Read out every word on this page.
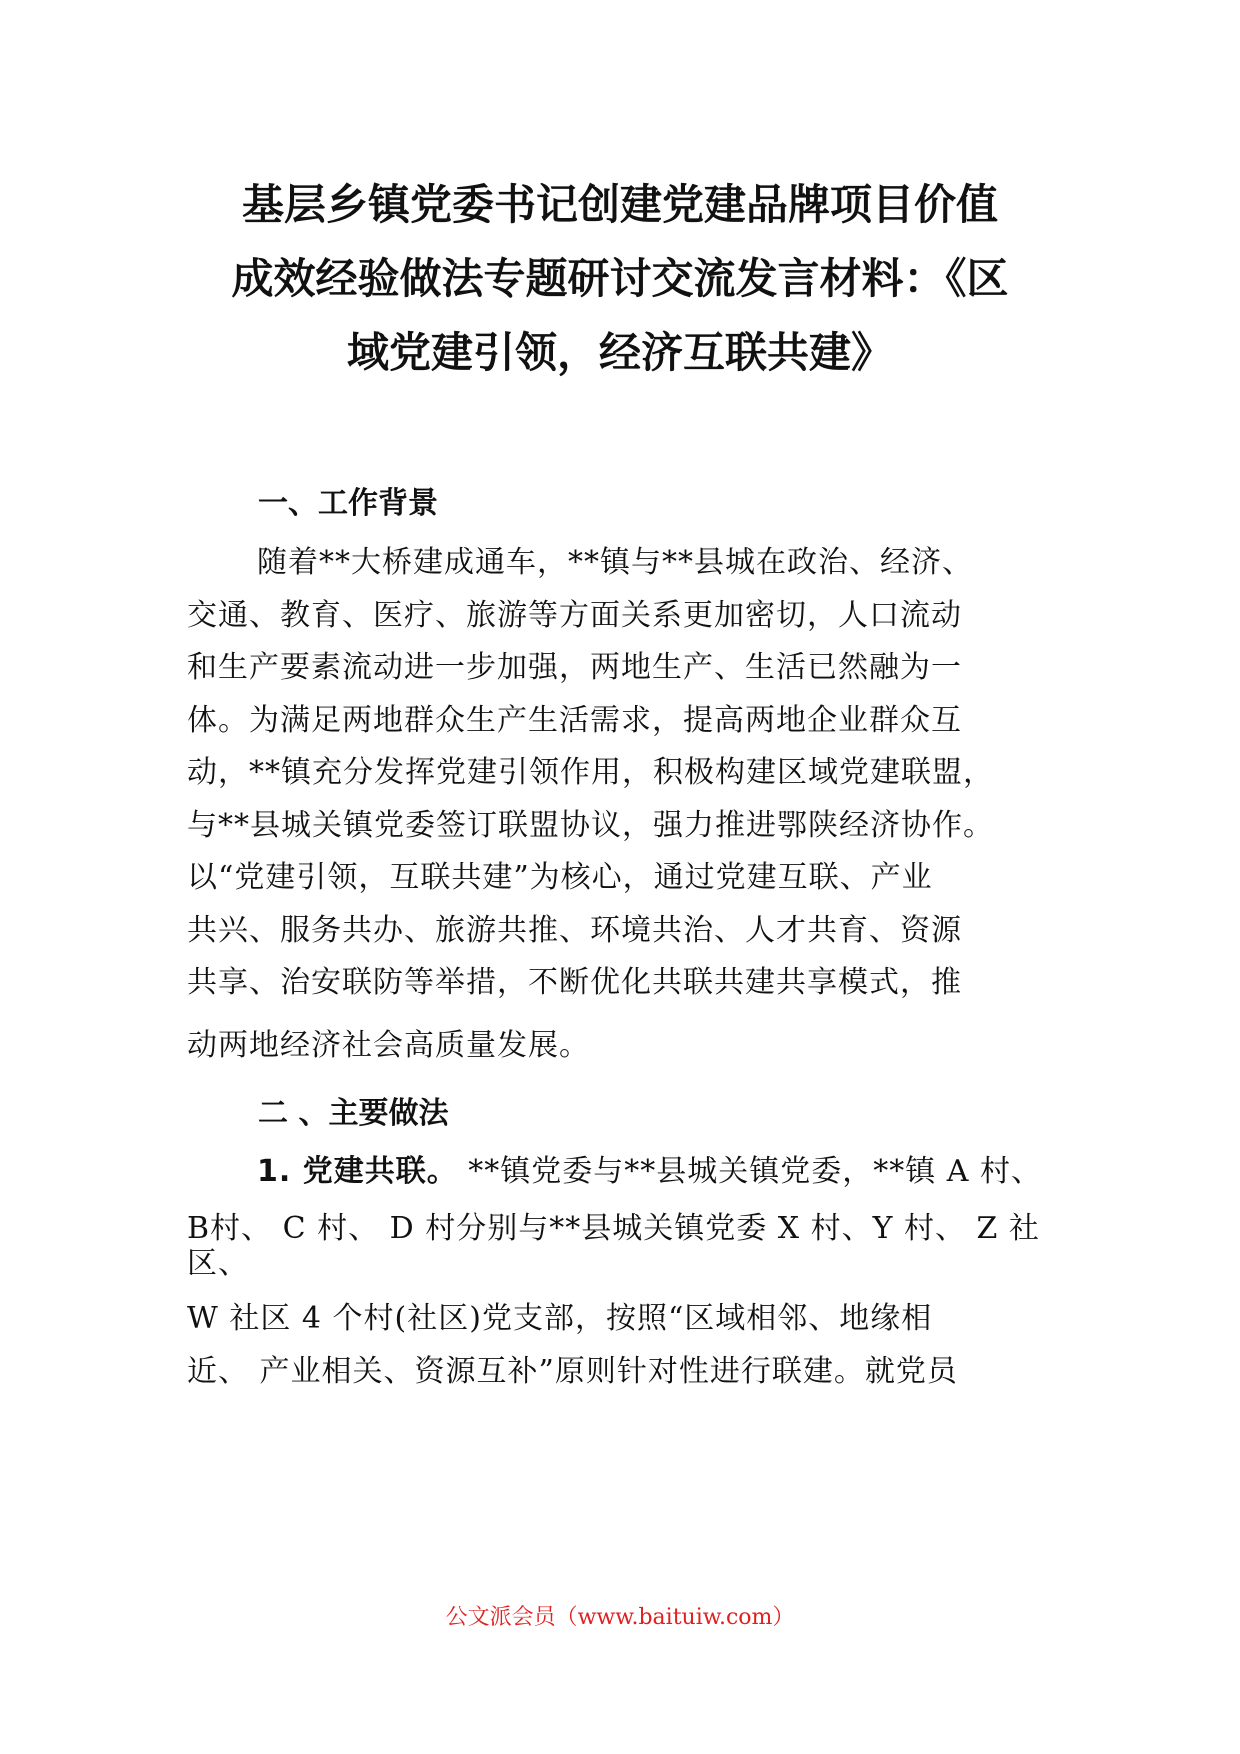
基层乡镇党委书记创建党建品牌项目价值
成效经验做法专题研讨交流发言材料：《区
域党建引领，经济互联共建》
一、工作背景
随着**大桥建成通车，**镇与**县城在政治、经济、
交通、教育、医疗、旅游等方面关系更加密切，人口流动
和生产要素流动进一步加强，两地生产、生活已然融为一
体。为满足两地群众生产生活需求，提高两地企业群众互
动，**镇充分发挥党建引领作用，积极构建区域党建联盟，
与**县城关镇党委签订联盟协议，强力推进鄂陕经济协作。
以“党建引领，互联共建”为核心，通过党建互联、产业
共兴、服务共办、旅游共推、环境共治、人才共育、资源
共享、治安联防等举措，不断优化共联共建共享模式，推
动两地经济社会高质量发展。
二 、主要做法
1. 党建共联。 **镇党委与**县城关镇党委，**镇 A 村、
B村、 C 村、 D 村分别与**县城关镇党委 X 村、Y 村、 Z 社
区、
W 社区 4 个村(社区)党支部，按照“区域相邻、地缘相
近、 产业相关、资源互补”原则针对性进行联建。就党员
公文派会员（www.baituiw.com）
